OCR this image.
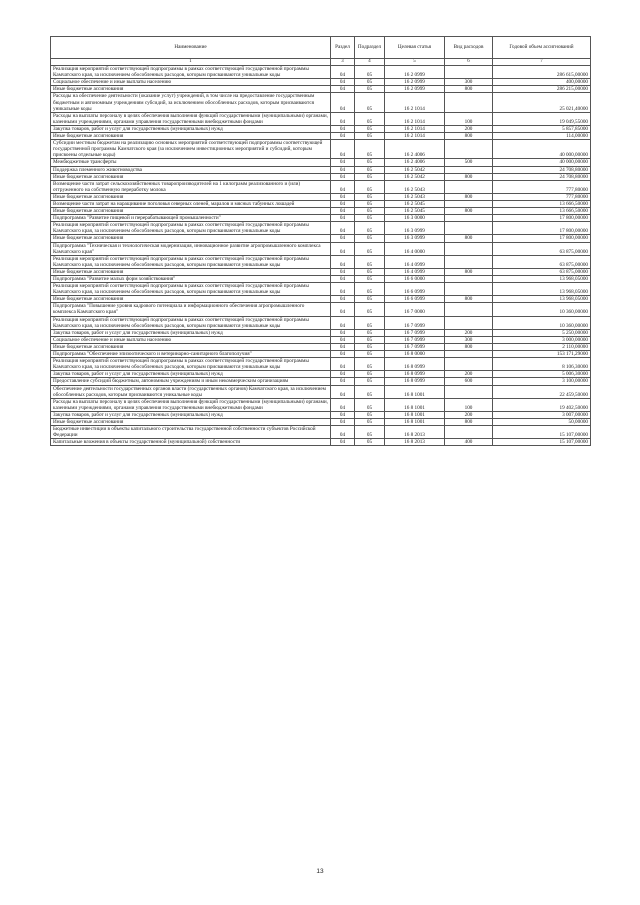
Наименование	Раздел	Подраздел	Целевая статья	Вид расходов	Годовой объем ассигнований
1	3	4	5	6	7
Реализация мероприятий соответствующей подпрограммы в рамках соответствующей государственной программы Камчатского края, за исключением обособленных расходов, которым присваиваются уникальные коды	04	05	16 2 0999		286 615,00000
Социальное обеспечение и иные выплаты населению	04	05	16 2 0999	300	400,00000
Иные бюджетные ассигнования	04	05	16 2 0999	800	286 215,00000
Расходы на обеспечение деятельности (оказание услуг) учреждений, в том числе на предоставление государственным бюджетным и автономным учреждениям субсидий, за исключением обособленных расходов, которым присваиваются уникальные коды	04	05	16 2 1014		25 021,40000
Расходы на выплаты персоналу в целях обеспечения выполнения функций государственными (муниципальными) органами, казенными учреждениями, органами управления государственными внебюджетными фондами	04	05	16 2 1014	100	19 049,55000
Закупка товаров, работ и услуг для государственных (муниципальных) нужд	04	05	16 2 1014	200	5 857,85000
Иные бюджетные ассигнования	04	05	16 2 1014	800	114,00000
Субсидии местным бюджетам на реализацию основных мероприятий соответствующей подпрограммы соответствующей государственной программы Камчатского края (за исключением инвестиционных мероприятий и субсидий, которым присвоены отдельные коды)	04	05	16 2 4006		40 000,00000
Межбюджетные трансферты	04	05	16 2 4006	500	40 000,00000
Поддержка племенного животноводства	04	05	16 2 5042		24 708,80000
Иные бюджетные ассигнования	04	05	16 2 5042	800	24 708,80000
Возмещение части затрат сельскохозяйственных товаропроизводителей на 1 килограмм реализованного и (или) отгруженного на собственную переработку молока	04	05	16 2 5043		777,80000
Иные бюджетные ассигнования	04	05	16 2 5043	800	777,80000
Возмещение части затрат на наращивание поголовья северных оленей, маралов и мясных табунных лошадей	04	05	16 2 5045		13 666,50000
Иные бюджетные ассигнования	04	05	16 2 5045	800	13 666,50000
Подпрограмма "Развитие пищевой и перерабатывающей промышленности"	04	05	16 3 0000		17 800,00000
Реализация мероприятий соответствующей подпрограммы в рамках соответствующей государственной программы Камчатского края, за исключением обособленных расходов, которым присваиваются уникальные коды	04	05	16 3 0999		17 800,00000
Иные бюджетные ассигнования	04	05	16 3 0999	800	17 800,00000
Подпрограмма "Техническая и технологическая модернизация, инновационное развитие агропромышленного комплекса Камчатского края"	04	05	16 4 0000		63 875,00000
Реализация мероприятий соответствующей подпрограммы в рамках соответствующей государственной программы Камчатского края, за исключением обособленных расходов, которым присваиваются уникальные коды	04	05	16 4 0999		63 875,00000
Иные бюджетные ассигнования	04	05	16 4 0999	800	63 875,00000
Подпрограмма "Развитие малых форм хозяйствования"	04	05	16 6 0000		13 968,05000
Реализация мероприятий соответствующей подпрограммы в рамках соответствующей государственной программы Камчатского края, за исключением обособленных расходов, которым присваиваются уникальные коды	04	05	16 6 0999		13 968,05000
Иные бюджетные ассигнования	04	05	16 6 0999	800	13 968,05000
Подпрограмма "Повышение уровня кадрового потенциала и информационного обеспечения агропромышленного комплекса Камчатского края"	04	05	16 7 0000		10 360,00000
Реализация мероприятий соответствующей подпрограммы в рамках соответствующей государственной программы Камчатского края, за исключением обособленных расходов, которым присваиваются уникальные коды	04	05	16 7 0999		10 360,00000
Закупка товаров, работ и услуг для государственных (муниципальных) нужд	04	05	16 7 0999	200	5 250,00000
Социальное обеспечение и иные выплаты населению	04	05	16 7 0999	300	3 000,00000
Иные бюджетные ассигнования	04	05	16 7 0999	800	2 110,00000
Подпрограмма "Обеспечение эпизоотического и ветеринарно-санитарного благополучия"	04	05	16 8 0000		153 171,29000
Реализация мероприятий соответствующей подпрограммы в рамках соответствующей государственной программы Камчатского края, за исключением обособленных расходов, которым присваиваются уникальные коды	04	05	16 8 0999		8 106,30000
Закупка товаров, работ и услуг для государственных (муниципальных) нужд	04	05	16 8 0999	200	5 006,30000
Предоставление субсидий бюджетным, автономным учреждениям и иным некоммерческим организациям	04	05	16 8 0999	600	3 100,00000
Обеспечение деятельности государственных органов власти (государственных органов) Камчатского края, за исключением обособленных расходов, которым присваиваются уникальные коды	04	05	16 8 1001		22 459,50000
Расходы на выплаты персоналу в целях обеспечения выполнения функций государственными (муниципальными) органами, казенными учреждениями, органами управления государственными внебюджетными фондами	04	05	16 8 1001	100	19 402,50000
Закупка товаров, работ и услуг для государственных (муниципальных) нужд	04	05	16 8 1001	200	3 007,00000
Иные бюджетные ассигнования	04	05	16 8 1001	800	50,00000
Бюджетные инвестиции в объекты капитального строительства государственной собственности субъектов Российской Федерации	04	05	16 8 2013		15 107,00000
Капитальные вложения в объекты государственной (муниципальной) собственности	04	05	16 8 2013	400	15 107,00000
13
